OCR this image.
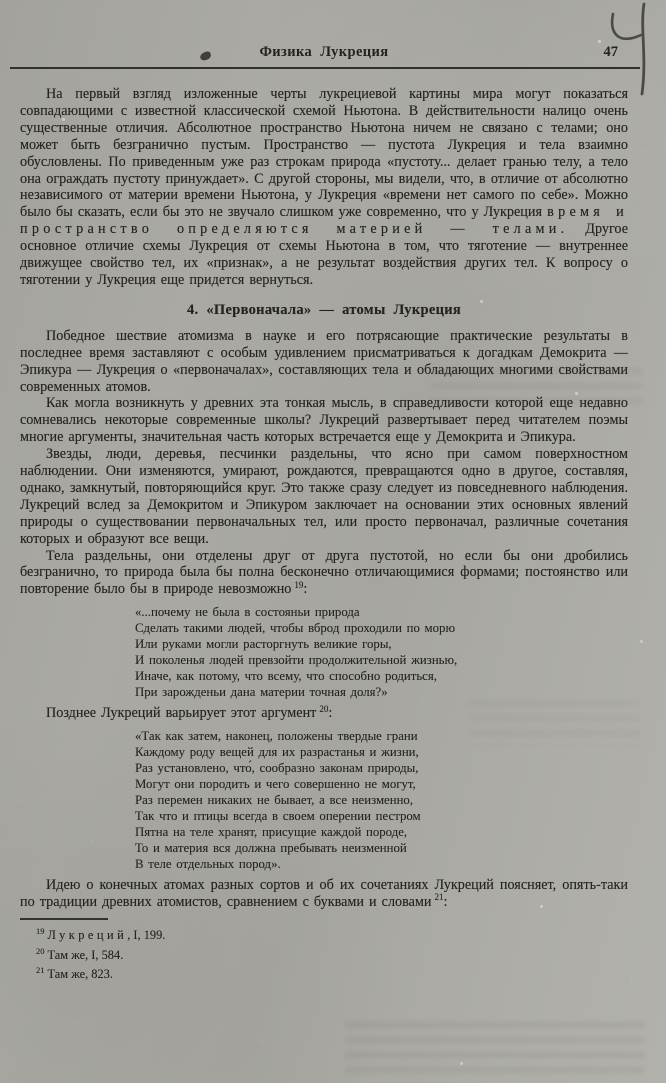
Физика Лукреция	47

На первый взгляд изложенные черты лукрециевой картины мира могут показаться совпадающими с известной классической схемой Ньютона. В действительности налицо очень существенные отличия. Абсолютное пространство Ньютона ничем не связано с телами; оно может быть безгранично пустым. Пространство — пустота Лукреция и тела взаимно обусловлены. По приведенным уже раз строкам природа «пустоту... делает гранью телу, а тело она ограждать пустоту принуждает». С другой стороны, мы видели, что, в отличие от абсолютно независимого от материи времени Ньютона, у Лукреция «времени нет самого по себе». Можно было бы сказать, если бы это не звучало слишком уже современно, что у Лукреция время и пространство определяются материей — телами. Другое основное отличие схемы Лукреция от схемы Ньютона в том, что тяготение — внутреннее движущее свойство тел, их «признак», а не результат воздействия других тел. К вопросу о тяготении у Лукреция еще придется вернуться.

4. «Первоначала» — атомы Лукреция

Победное шествие атомизма в науке и его потрясающие практические результаты в последнее время заставляют с особым удивлением присматриваться к догадкам Демокрита — Эпикура — Лукреция о «первоначалах», составляющих тела и обладающих многими свойствами современных атомов.

Как могла возникнуть у древних эта тонкая мысль, в справедливости которой еще недавно сомневались некоторые современные школы? Лукреций развертывает перед читателем поэмы многие аргументы, значительная часть которых встречается еще у Демокрита и Эпикура.

Звезды, люди, деревья, песчинки раздельны, что ясно при самом поверхностном наблюдении. Они изменяются, умирают, рождаются, превращаются одно в другое, составляя, однако, замкнутый, повторяющийся круг. Это также сразу следует из повседневного наблюдения. Лукреций вслед за Демокритом и Эпикуром заключает на основании этих основных явлений природы о существовании первоначальных тел, или просто первоначал, различные сочетания которых и образуют все вещи.

Тела раздельны, они отделены друг от друга пустотой, но если бы они дробились безгранично, то природа была бы полна бесконечно отличающимися формами; постоянство или повторение было бы в природе невозможно $^{19}$:

«...почему не была в состояньи природа
Сделать такими людей, чтобы вброд проходили по морю
Или руками могли расторгнуть великие горы,
И поколенья людей превзойти продолжительной жизнью,
Иначе, как потому, что всему, что способно родиться,
При зарожденьи дана материи точная доля?»

Позднее Лукреций варьирует этот аргумент $^{20}$:

«Так как затем, наконец, положены твердые грани
Каждому роду вещей для их разрастанья и жизни,
Раз установлено, что́, сообразно законам природы,
Могут они породить и чего совершенно не могут,
Раз перемен никаких не бывает, а все неизменно,
Так что и птицы всегда в своем оперении пестром
Пятна на теле хранят, присущие каждой породе,
То и материя вся должна пребывать неизменной
В теле отдельных пород».

Идею о конечных атомах разных сортов и об их сочетаниях Лукреций поясняет, опять-таки по традиции древних атомистов, сравнением с буквами и словами $^{21}$:

$^{19}$ Лукреций, I, 199.
$^{20}$ Там же, I, 584.
$^{21}$ Там же, 823.
